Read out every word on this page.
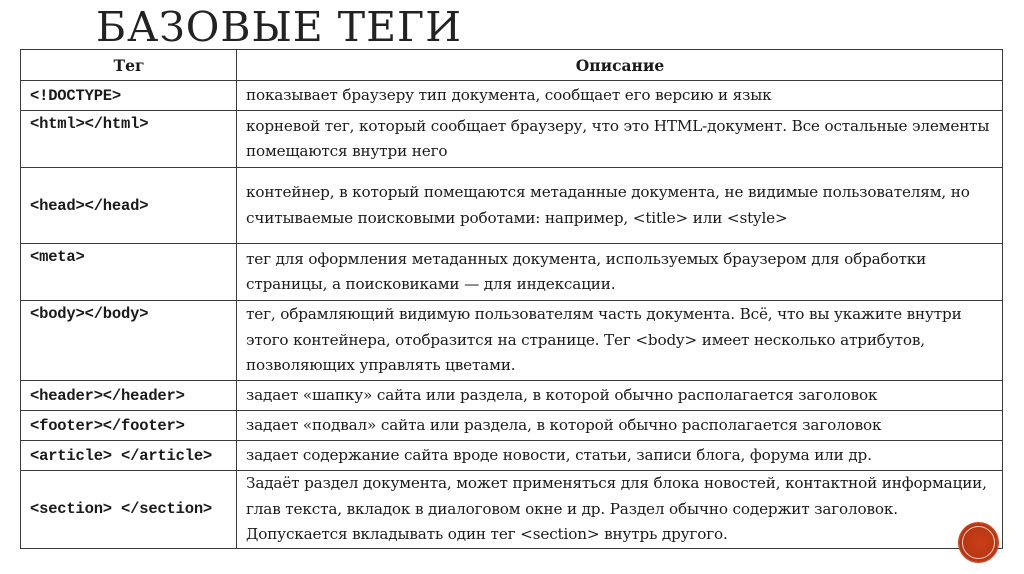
БАЗОВЫЕ ТЕГИ
Тег	Описание
<!DOCTYPE>	показывает браузеру тип документа, сообщает его версию и язык
<html></html>	корневой тег, который сообщает браузеру, что это HTML-документ. Все остальные элементы помещаются внутри него
<head></head>	контейнер, в который помещаются метаданные документа, не видимые пользователям, но считываемые поисковыми роботами: например, <title> или <style>
<meta>	тег для оформления метаданных документа, используемых браузером для обработки страницы, а поисковиками — для индексации.
<body></body>	тег, обрамляющий видимую пользователям часть документа. Всё, что вы укажите внутри этого контейнера, отобразится на странице. Тег <body> имеет несколько атрибутов, позволяющих управлять цветами.
<header></header>	задает «шапку» сайта или раздела, в которой обычно располагается заголовок
<footer></footer>	задает «подвал» сайта или раздела, в которой обычно располагается заголовок
<article> </article>	задает содержание сайта вроде новости, статьи, записи блога, форума или др.
<section> </section>	Задаёт раздел документа, может применяться для блока новостей, контактной информации, глав текста, вкладок в диалоговом окне и др. Раздел обычно содержит заголовок. Допускается вкладывать один тег <section> внутрь другого.
